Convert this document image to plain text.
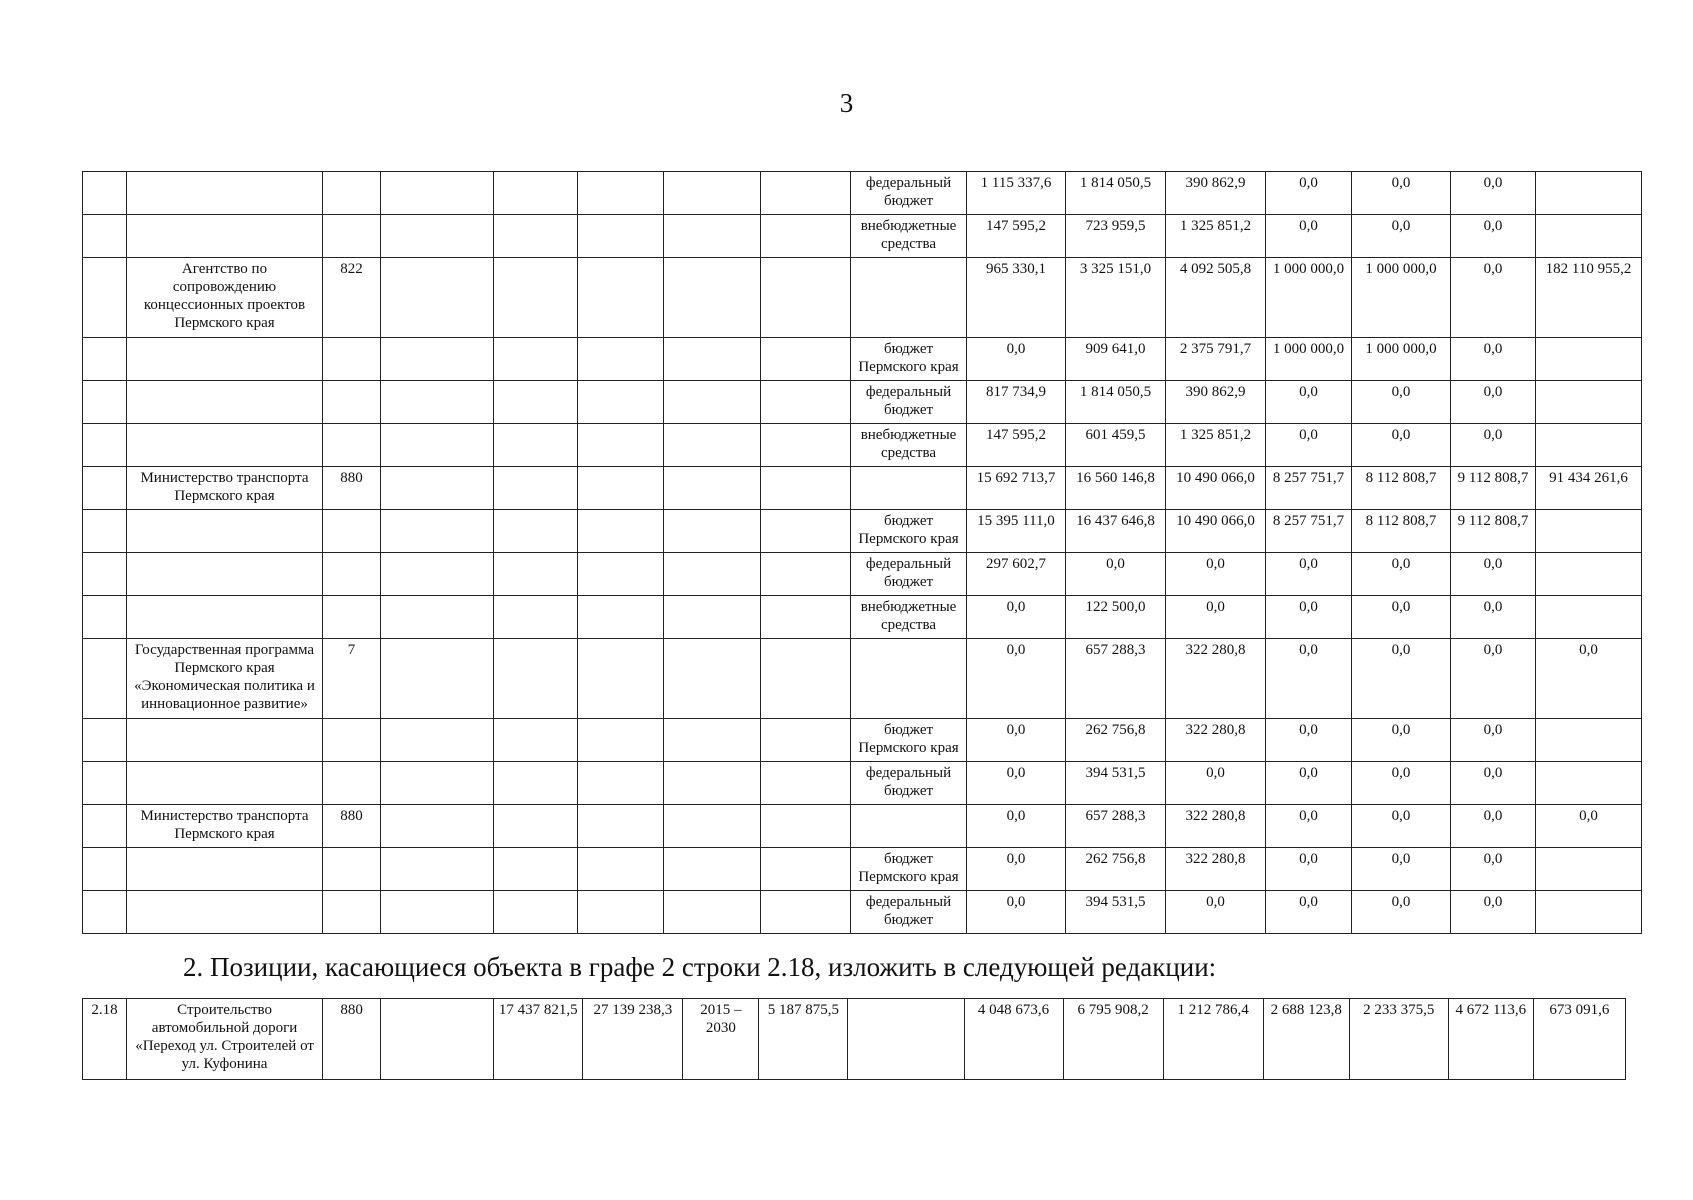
3
								федеральный бюджет	1 115 337,6	1 814 050,5	390 862,9	0,0	0,0	0,0	
								внебюджетные средства	147 595,2	723 959,5	1 325 851,2	0,0	0,0	0,0	
	Агентство по сопровождению концессионных проектов Пермского края	822							965 330,1	3 325 151,0	4 092 505,8	1 000 000,0	1 000 000,0	0,0	182 110 955,2
								бюджет Пермского края	0,0	909 641,0	2 375 791,7	1 000 000,0	1 000 000,0	0,0	
								федеральный бюджет	817 734,9	1 814 050,5	390 862,9	0,0	0,0	0,0	
								внебюджетные средства	147 595,2	601 459,5	1 325 851,2	0,0	0,0	0,0	
	Министерство транспорта Пермского края	880							15 692 713,7	16 560 146,8	10 490 066,0	8 257 751,7	8 112 808,7	9 112 808,7	91 434 261,6
								бюджет Пермского края	15 395 111,0	16 437 646,8	10 490 066,0	8 257 751,7	8 112 808,7	9 112 808,7	
								федеральный бюджет	297 602,7	0,0	0,0	0,0	0,0	0,0	
								внебюджетные средства	0,0	122 500,0	0,0	0,0	0,0	0,0	
	Государственная программа Пермского края «Экономическая политика и инновационное развитие»	7							0,0	657 288,3	322 280,8	0,0	0,0	0,0	0,0
								бюджет Пермского края	0,0	262 756,8	322 280,8	0,0	0,0	0,0	
								федеральный бюджет	0,0	394 531,5	0,0	0,0	0,0	0,0	
	Министерство транспорта Пермского края	880							0,0	657 288,3	322 280,8	0,0	0,0	0,0	0,0
								бюджет Пермского края	0,0	262 756,8	322 280,8	0,0	0,0	0,0	
								федеральный бюджет	0,0	394 531,5	0,0	0,0	0,0	0,0	
2. Позиции, касающиеся объекта в графе 2 строки 2.18, изложить в следующей редакции:
2.18	Строительство автомобильной дороги «Переход ул. Строителей от ул. Куфонина	880		17 437 821,5	27 139 238,3	2015 – 2030	5 187 875,5		4 048 673,6	6 795 908,2	1 212 786,4	2 688 123,8	2 233 375,5	4 672 113,6	673 091,6
